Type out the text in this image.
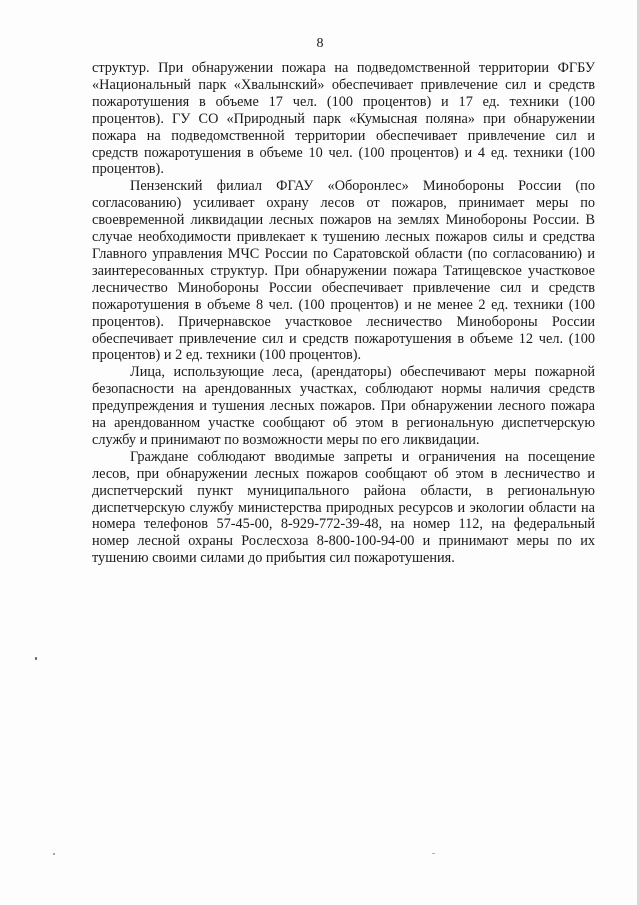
8

структур. При обнаружении пожара на подведомственной территории ФГБУ «Национальный парк «Хвалынский» обеспечивает привлечение сил и средств пожаротушения в объеме 17 чел. (100 процентов) и 17 ед. техники (100 процентов). ГУ СО «Природный парк «Кумысная поляна» при обнаружении пожара на подведомственной территории обеспечивает привлечение сил и средств пожаротушения в объеме 10 чел. (100 процентов) и 4 ед. техники (100 процентов).

Пензенский филиал ФГАУ «Оборонлес» Минобороны России (по согласованию) усиливает охрану лесов от пожаров, принимает меры по своевременной ликвидации лесных пожаров на землях Минобороны России. В случае необходимости привлекает к тушению лесных пожаров силы и средства Главного управления МЧС России по Саратовской области (по согласованию) и заинтересованных структур. При обнаружении пожара Татищевское участковое лесничество Минобороны России обеспечивает привлечение сил и средств пожаротушения в объеме 8 чел. (100 процентов) и не менее 2 ед. техники (100 процентов). Причернавское участковое лесничество Минобороны России обеспечивает привлечение сил и средств пожаротушения в объеме 12 чел. (100 процентов) и 2 ед. техники (100 процентов).

Лица, использующие леса, (арендаторы) обеспечивают меры пожарной безопасности на арендованных участках, соблюдают нормы наличия средств предупреждения и тушения лесных пожаров. При обнаружении лесного пожара на арендованном участке сообщают об этом в региональную диспетчерскую службу и принимают по возможности меры по его ликвидации.

Граждане соблюдают вводимые запреты и ограничения на посещение лесов, при обнаружении лесных пожаров сообщают об этом в лесничество и диспетчерский пункт муниципального района области, в региональную диспетчерскую службу министерства природных ресурсов и экологии области на номера телефонов 57-45-00, 8-929-772-39-48, на номер 112, на федеральный номер лесной охраны Рослесхоза 8-800-100-94-00 и принимают меры по их тушению своими силами до прибытия сил пожаротушения.
